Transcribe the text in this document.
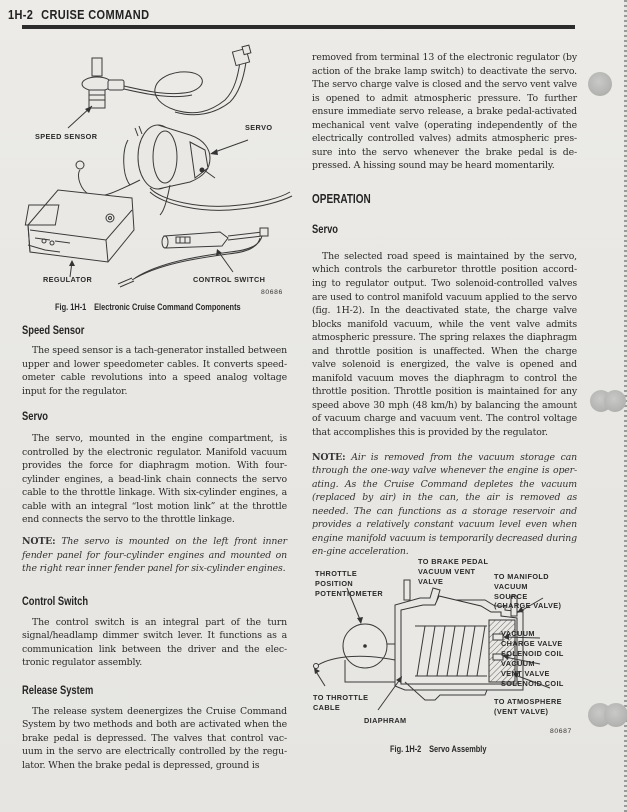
1H-2 CRUISE COMMAND
SPEED SENSOR
SERVO
REGULATOR	CONTROL SWITCH
80686
Fig. 1H-1 Electronic Cruise Command Components
Speed Sensor

The speed sensor is a tach-generator installed between upper and lower speedometer cables. It converts speed-ometer cable revolutions into a speed analog voltage input for the regulator.

Servo

The servo, mounted in the engine compartment, is controlled by the electronic regulator. Manifold vacuum provides the force for diaphragm motion. With four-cylinder engines, a bead-link chain connects the servo cable to the throttle linkage. With six-cylinder engines, a cable with an integral “lost motion link” at the throttle end connects the servo to the throttle linkage.

NOTE: The servo is mounted on the left front inner fender panel for four-cylinder engines and mounted on the right rear inner fender panel for six-cylinder engines.

Control Switch

The control switch is an integral part of the turn signal/headlamp dimmer switch lever. It functions as a communication link between the driver and the elec-tronic regulator assembly.

Release System

The release system deenergizes the Cruise Command System by two methods and both are activated when the brake pedal is depressed. The valves that control vac-uum in the servo are electrically controlled by the regu-lator. When the brake pedal is depressed, ground is

removed from terminal 13 of the electronic regulator (by action of the brake lamp switch) to deactivate the servo. The servo charge valve is closed and the servo vent valve is opened to admit atmospheric pressure. To further ensure immediate servo release, a brake pedal-activated mechanical vent valve (operating independently of the electrically controlled valves) admits atmospheric pres-sure into the servo whenever the brake pedal is de-pressed. A hissing sound may be heard momentarily.

OPERATION
Servo

The selected road speed is maintained by the servo, which controls the carburetor throttle position accord-ing to regulator output. Two solenoid-controlled valves are used to control manifold vacuum applied to the servo (fig. 1H-2). In the deactivated state, the charge valve blocks manifold vacuum, while the vent valve admits atmospheric pressure. The spring relaxes the diaphragm and throttle position is unaffected. When the charge valve solenoid is energized, the valve is opened and manifold vacuum moves the diaphragm to control the throttle position. Throttle position is maintained for any speed above 30 mph (48 km/h) by balancing the amount of vacuum charge and vacuum vent. The control voltage that accomplishes this is provided by the regulator.

NOTE: Air is removed from the vacuum storage can through the one-way valve whenever the engine is oper-ating. As the Cruise Command depletes the vacuum (replaced by air) in the can, the air is removed as needed. The can functions as a storage reservoir and provides a relatively constant vacuum level even when engine manifold vacuum is temporarily decreased during en-gine acceleration.

TO BRAKE PEDAL
VACUUM VENT
VALVE
THROTTLE
POSITION
POTENTIOMETER
TO MANIFOLD
VACUUM
SOURCE
(CHARGE VALVE)
VACUUM
CHARGE VALVE
SOLENOID COIL
VACUUM
VENT VALVE
SOLENOID COIL
TO THROTTLE
CABLE
TO ATMOSPHERE
(VENT VALVE)
DIAPHRAM
80687
Fig. 1H-2 Servo Assembly
